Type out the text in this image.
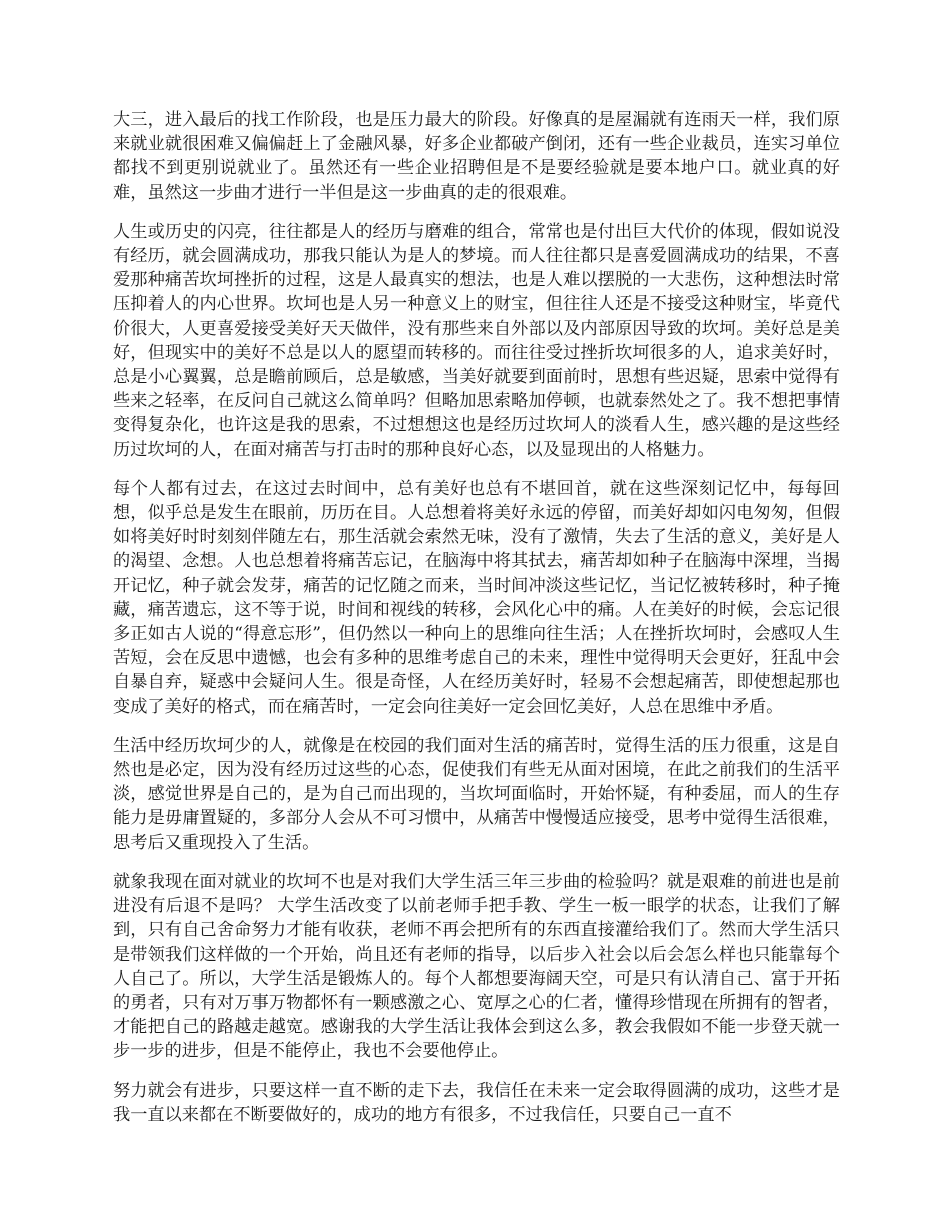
大三，进入最后的找工作阶段，也是压力最大的阶段。好像真的是屋漏就有连雨天一样，我们原来就业就很困难又偏偏赶上了金融风暴，好多企业都破产倒闭，还有一些企业裁员，连实习单位都找不到更别说就业了。虽然还有一些企业招聘但是不是要经验就是要本地户口。就业真的好难，虽然这一步曲才进行一半但是这一步曲真的走的很艰难。

人生或历史的闪亮，往往都是人的经历与磨难的组合，常常也是付出巨大代价的体现，假如说没有经历，就会圆满成功，那我只能认为是人的梦境。而人往往都只是喜爱圆满成功的结果，不喜爱那种痛苦坎坷挫折的过程，这是人最真实的想法，也是人难以摆脱的一大悲伤，这种想法时常压抑着人的内心世界。坎坷也是人另一种意义上的财宝，但往往人还是不接受这种财宝，毕竟代价很大，人更喜爱接受美好天天做伴，没有那些来自外部以及内部原因导致的坎坷。美好总是美好，但现实中的美好不总是以人的愿望而转移的。而往往受过挫折坎坷很多的人，追求美好时，总是小心翼翼，总是瞻前顾后，总是敏感，当美好就要到面前时，思想有些迟疑，思索中觉得有些来之轻率，在反问自己就这么简单吗？但略加思索略加停顿，也就泰然处之了。我不想把事情变得复杂化，也许这是我的思索，不过想想这也是经历过坎坷人的淡看人生，感兴趣的是这些经历过坎坷的人，在面对痛苦与打击时的那种良好心态，以及显现出的人格魅力。

每个人都有过去，在这过去时间中，总有美好也总有不堪回首，就在这些深刻记忆中，每每回想，似乎总是发生在眼前，历历在目。人总想着将美好永远的停留，而美好却如闪电匆匆，但假如将美好时时刻刻伴随左右，那生活就会索然无味，没有了激情，失去了生活的意义，美好是人的渴望、念想。人也总想着将痛苦忘记，在脑海中将其拭去，痛苦却如种子在脑海中深埋，当揭开记忆，种子就会发芽，痛苦的记忆随之而来，当时间冲淡这些记忆，当记忆被转移时，种子掩藏，痛苦遗忘，这不等于说，时间和视线的转移，会风化心中的痛。人在美好的时候，会忘记很多正如古人说的“得意忘形”，但仍然以一种向上的思维向往生活；人在挫折坎坷时，会感叹人生苦短，会在反思中遗憾，也会有多种的思维考虑自己的未来，理性中觉得明天会更好，狂乱中会自暴自弃，疑惑中会疑问人生。很是奇怪，人在经历美好时，轻易不会想起痛苦，即使想起那也变成了美好的格式，而在痛苦时，一定会向往美好一定会回忆美好，人总在思维中矛盾。

生活中经历坎坷少的人，就像是在校园的我们面对生活的痛苦时，觉得生活的压力很重，这是自然也是必定，因为没有经历过这些的心态，促使我们有些无从面对困境，在此之前我们的生活平淡，感觉世界是自己的，是为自己而出现的，当坎坷面临时，开始怀疑，有种委屈，而人的生存能力是毋庸置疑的，多部分人会从不可习惯中，从痛苦中慢慢适应接受，思考中觉得生活很难，思考后又重现投入了生活。

就象我现在面对就业的坎坷不也是对我们大学生活三年三步曲的检验吗？就是艰难的前进也是前进没有后退不是吗？ 大学生活改变了以前老师手把手教、学生一板一眼学的状态，让我们了解到，只有自己舍命努力才能有收获，老师不再会把所有的东西直接灌给我们了。然而大学生活只是带领我们这样做的一个开始，尚且还有老师的指导，以后步入社会以后会怎么样也只能靠每个人自己了。所以，大学生活是锻炼人的。每个人都想要海阔天空，可是只有认清自己、富于开拓的勇者，只有对万事万物都怀有一颗感激之心、宽厚之心的仁者，懂得珍惜现在所拥有的智者，才能把自己的路越走越宽。感谢我的大学生活让我体会到这么多，教会我假如不能一步登天就一步一步的进步，但是不能停止，我也不会要他停止。

努力就会有进步，只要这样一直不断的走下去，我信任在未来一定会取得圆满的成功，这些才是我一直以来都在不断要做好的，成功的地方有很多，不过我信任，只要自己一直不
